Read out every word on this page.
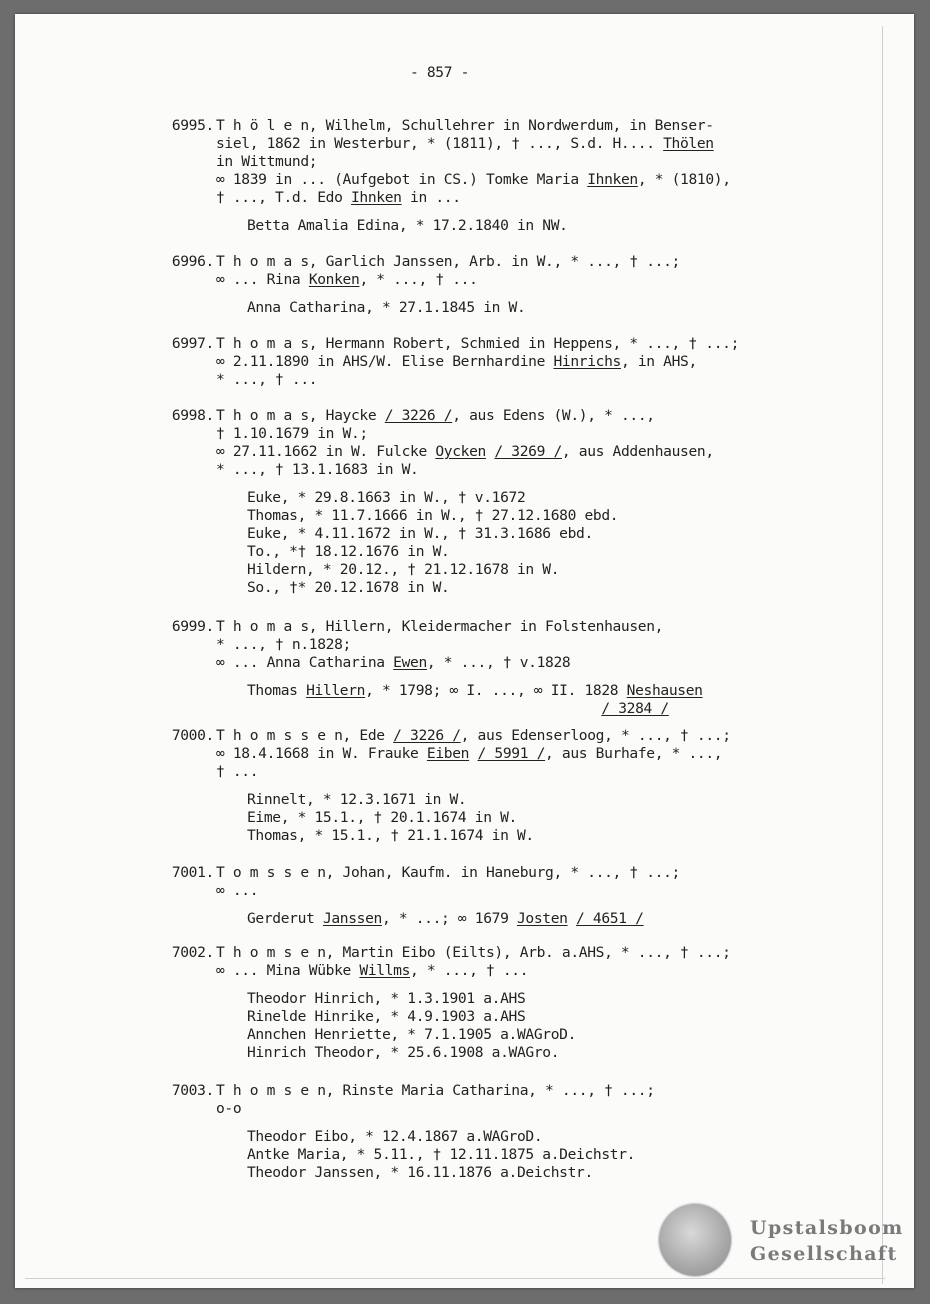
- 857 -
6995. T h ö l e n, Wilhelm, Schullehrer in Nordwerdum, in Benser-
siel, 1862 in Westerbur, * (1811), † ..., S.d. H.... Thölen
in Wittmund;
∞ 1839 in ... (Aufgebot in CS.) Tomke Maria Ihnken, * (1810),
† ..., T.d. Edo Ihnken in ...
Betta Amalia Edina, * 17.2.1840 in NW.
6996. T h o m a s, Garlich Janssen, Arb. in W., * ..., † ...;
∞ ... Rina Konken, * ..., † ...
Anna Catharina, * 27.1.1845 in W.
6997. T h o m a s, Hermann Robert, Schmied in Heppens, * ..., † ...;
∞ 2.11.1890 in AHS/W. Elise Bernhardine Hinrichs, in AHS,
* ..., † ...
6998. T h o m a s, Haycke / 3226 /, aus Edens (W.), * ...,
† 1.10.1679 in W.;
∞ 27.11.1662 in W. Fulcke Oycken / 3269 /, aus Addenhausen,
* ..., † 13.1.1683 in W.
Euke, * 29.8.1663 in W., † v.1672
Thomas, * 11.7.1666 in W., † 27.12.1680 ebd.
Euke, * 4.11.1672 in W., † 31.3.1686 ebd.
To., *† 18.12.1676 in W.
Hildern, * 20.12., † 21.12.1678 in W.
So., †* 20.12.1678 in W.
6999. T h o m a s, Hillern, Kleidermacher in Folstenhausen,
* ..., † n.1828;
∞ ... Anna Catharina Ewen, * ..., † v.1828
Thomas Hillern, * 1798; ∞ I. ..., ∞ II. 1828 Neshausen
/ 3284 /
7000. T h o m s s e n, Ede / 3226 /, aus Edenserloog, * ..., † ...;
∞ 18.4.1668 in W. Frauke Eiben / 5991 /, aus Burhafe, * ...,
† ...
Rinnelt, * 12.3.1671 in W.
Eime, * 15.1., † 20.1.1674 in W.
Thomas, * 15.1., † 21.1.1674 in W.
7001. T o m s s e n, Johan, Kaufm. in Haneburg, * ..., † ...;
∞ ...
Gerderut Janssen, * ...; ∞ 1679 Josten / 4651 /
7002. T h o m s e n, Martin Eibo (Eilts), Arb. a.AHS, * ..., † ...;
∞ ... Mina Wübke Willms, * ..., † ...
Theodor Hinrich, * 1.3.1901 a.AHS
Rinelde Hinrike, * 4.9.1903 a.AHS
Annchen Henriette, * 7.1.1905 a.WAGroD.
Hinrich Theodor, * 25.6.1908 a.WAGro.
7003. T h o m s e n, Rinste Maria Catharina, * ..., † ...;
o-o
Theodor Eibo, * 12.4.1867 a.WAGroD.
Antke Maria, * 5.11., † 12.11.1875 a.Deichstr.
Theodor Janssen, * 16.11.1876 a.Deichstr.
Upstalsboom
Gesellschaft
